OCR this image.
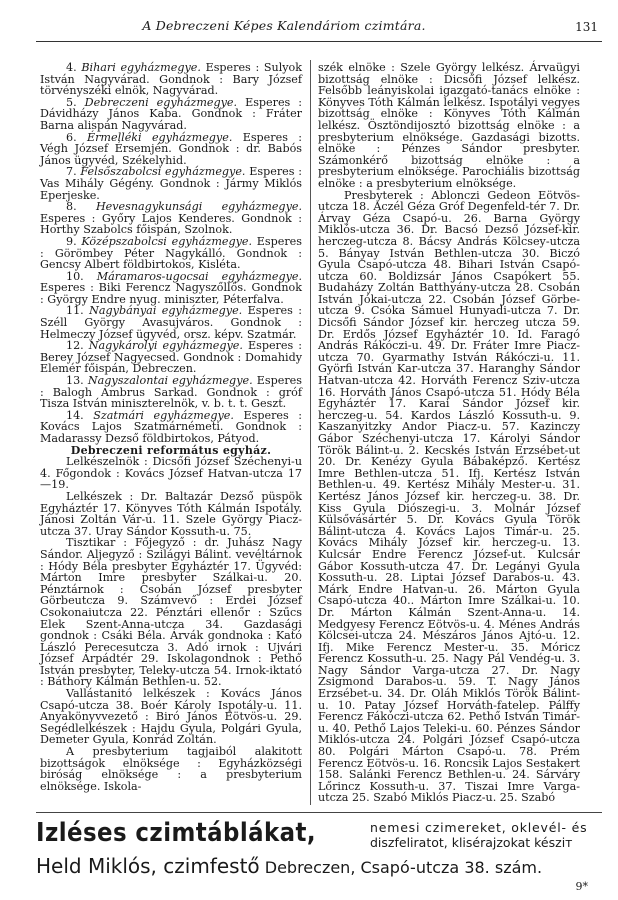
A Debreczeni Képes Kalendáriom czimtára.	131

4. Bihari egyházmegye. Esperes : Sulyok István Nagyvárad. Gondnok : Bary József törvényszéki elnök, Nagyvárad.

5. Debreczeni egyházmegye. Esperes : Dávidházy János Kaba. Gondnok : Fráter Barna alispán Nagyvárad.

6. Érmelléki egyházmegye. Esperes : Végh József Érsemjén. Gondnok : dr. Babós János ügyvéd, Székelyhid.

7. Felsőszabolcsi egyházmegye. Esperes : Vas Mihály Gégény. Gondnok : Jármy Miklós Eperjeske.

8. Hevesnagykunsági egyházmegye. Esperes : Győry Lajos Kenderes. Gondnok : Horthy Szabolcs főispán, Szolnok.

9. Középszabolcsi egyházmegye. Esperes : Görömbey Péter Nagykálló. Gondnok : Gencsy Albert földbirtokos, Kisléta.

10. Máramaros-ugocsai egyházmegye. Esperes : Biki Ferencz Nagyszőllős. Gondnok : György Endre nyug. miniszter, Péterfalva.

11. Nagybányai egyházmegye. Esperes : Széll György Avasujváros. Gondnok : Helmeczy József ügyvéd, orsz. képv. Szatmár.

12. Nagykárolyi egyházmegye. Esperes : Berey József Nagyecsed. Gondnok : Domahidy Elemér főispán, Debreczen.

13. Nagyszalontai egyházmegye. Esperes : Balogh Ambrus Sarkad. Gondnok : gróf Tisza István miniszterelnök, v. b. t. t. Geszt.

14. Szatmári egyházmegye. Esperes : Kovács Lajos Szatmárnémeti. Gondnok : Madarassy Dezső földbirtokos, Pátyod.

Debreczeni református egyház.

Lelkészelnök : Dicsőfi József Széchenyi-u 4. Főgondok : Kovács József Hatvan-utcza 17—19.

Lelkészek : Dr. Baltazár Dezső püspök Egyháztér 17. Könyves Tóth Kálmán Ispotály. Jánosi Zoltán Vár-u. 11. Szele György Piacz-utcza 37. Uray Sándor Kossuth-u. 75.

Tisztikar : Főjegyző : dr. Juhász Nagy Sándor. Aljegyző : Szilágyi Bálint. vevéltárnok : Hódy Béla presbyter Egyháztér 17. Ügyvéd: Márton Imre presbyter Szálkai-u. 20. Pénztárnok : Csobán József presbyter Görbeutcza 9. Számvevő : Erdei József Csokonaiutcza 22. Pénztári ellenőr : Szűcs Elek Szent-Anna-utcza 34. Gazdasági gondnok : Csáki Béla. Árvák gondnoka : Kató László Perecesutcza 3. Adó irnok : Ujvári József Árpádtér 29. Iskolagondnok : Pethő István presbyter, Teleky-utcza 54. Irnok-iktató : Báthory Kálmán Bethlen-u. 52.

Vallástanitó lelkészek : Kovács János Csapó-utcza 38. Boér Károly Ispotály-u. 11. Anyakönyvvezető : Biró János Eötvös-u. 29. Segédlelkészek : Hajdu Gyula, Polgári Gyula, Demeter Gyula, Konrád Zoltán.

A presbyterium tagjaiból alakitott bizottságok elnöksége : Egyházközségi biróság elnöksége : a presbyterium elnöksége. Iskola-

szék elnöke : Szele György lelkész. Árvaügyi bizottság elnöke : Dicsőfi József lelkész. Felsőbb leányiskolai igazgató-tanács elnöke : Könyves Tóth Kálmán lelkész. Ispotályi vegyes bizottság elnöke : Könyves Tóth Kálmán lelkész. Ösztöndijosztó bizottság elnöke : a presbyterium elnöksége. Gazdasági bizotts. elnöke : Pénzes Sándor presbyter. Számonkérő bizottság elnöke : a presbyterium elnöksége. Parochiális bizottság elnöke : a presbyterium elnöksége.

Presbyterek : Ablonczi Gedeon Eötvös-utcza 18. Aczél Géza Gróf Degenfeld-tér 7. Dr. Árvay Géza Csapó-u. 26. Barna György Miklós-utcza 36. Dr. Bacsó Dezső József-kir. herczeg-utcza 8. Bácsy András Kölcsey-utcza 5. Bányay István Bethlen-utcza 30. Biczó Gyula Csapó-utcza 48. Bihari István Csapó-utcza 60. Boldizsár János Csapókert 55. Budaházy Zoltán Batthyány-utcza 28. Csobán István Jókai-utcza 22. Csobán József Görbe-utcza 9. Csóka Sámuel Hunyadi-utcza 7. Dr. Dicsőfi Sándor József kir. herczeg utcza 59. Dr. Erdős József Egyháztér 10. Id. Faragó András Rákóczi-u. 49. Dr. Fráter Imre Piacz-utcza 70. Gyarmathy István Rákóczi-u. 11. Györfi István Kar-utcza 37. Haranghy Sándor Hatvan-utcza 42. Horváth Ferencz Sziv-utcza 16. Horváth János Csapó-utcza 51. Hódy Béla Egyháztér 17. Karai Sándor József kir. herczeg-u. 54. Kardos László Kossuth-u. 9. Kaszanyitzky Andor Piacz-u. 57. Kazinczy Gábor Széchenyi-utcza 17. Károlyi Sándor Török Bálint-u. 2. Kecskés István Erzsébet-ut 20. Dr. Kenézy Gyula Bábaképző. Kertész Imre Bethlen-utcza 51. Ifj. Kertész István Bethlen-u. 49. Kertész Mihály Mester-u. 31. Kertész János József kir. herczeg-u. 38. Dr. Kiss Gyula Diószegi-u. 3. Molnár József Külsővásártér 5. Dr. Kovács Gyula Török Bálint-utcza 4. Kovács Lajos Timár-u. 25. Kovács Mihály József kir. herczeg-u. 13. Kulcsár Endre Ferencz József-ut. Kulcsár Gábor Kossuth-utcza 47. Dr. Legányi Gyula Kossuth-u. 28. Liptai József Darabos-u. 43. Márk Endre Hatvan-u. 26. Márton Gyula Csapó-utcza 40.. Márton Imre Szálkai-u. 10. Dr. Márton Kálmán Szent-Anna-u. 14. Medgyesy Ferencz Eötvös-u. 4. Ménes András Kölcsei-utcza 24. Mészáros János Ajtó-u. 12. Ifj. Mike Ferencz Mester-u. 35. Móricz Ferencz Kossuth-u. 25. Nagy Pál Vendég-u. 3. Nagy Sándor Varga-utcza 27. Dr. Nagy Zsigmond Darabos-u. 59. T. Nagy János Erzsébet-u. 34. Dr. Oláh Miklós Török Bálint-u. 10. Patay József Horváth-fatelep. Pálffy Ferencz Fákóczi-utcza 62. Pethő István Timár-u. 40. Pethő Lajos Teleki-u. 60. Pénzes Sándor Miklós-utcza 24. Polgári József Csapó-utcza 80. Polgári Márton Csapó-u. 78. Prém Ferencz Eötvös-u. 16. Roncsik Lajos Sestakert 158. Salánki Ferencz Bethlen-u. 24. Sárváry Lőrincz Kossuth-u. 37. Tiszai Imre Varga-utcza 25. Szabó Miklós Piacz-u. 25. Szabó

Izléses czimtáblákat,	nemesi czimereket, oklevél- és
diszfeliratot, klisérajzokat késziт
Held Miklós, czimfestő Debreczen, Csapó-utcza 38. szám.
9*
